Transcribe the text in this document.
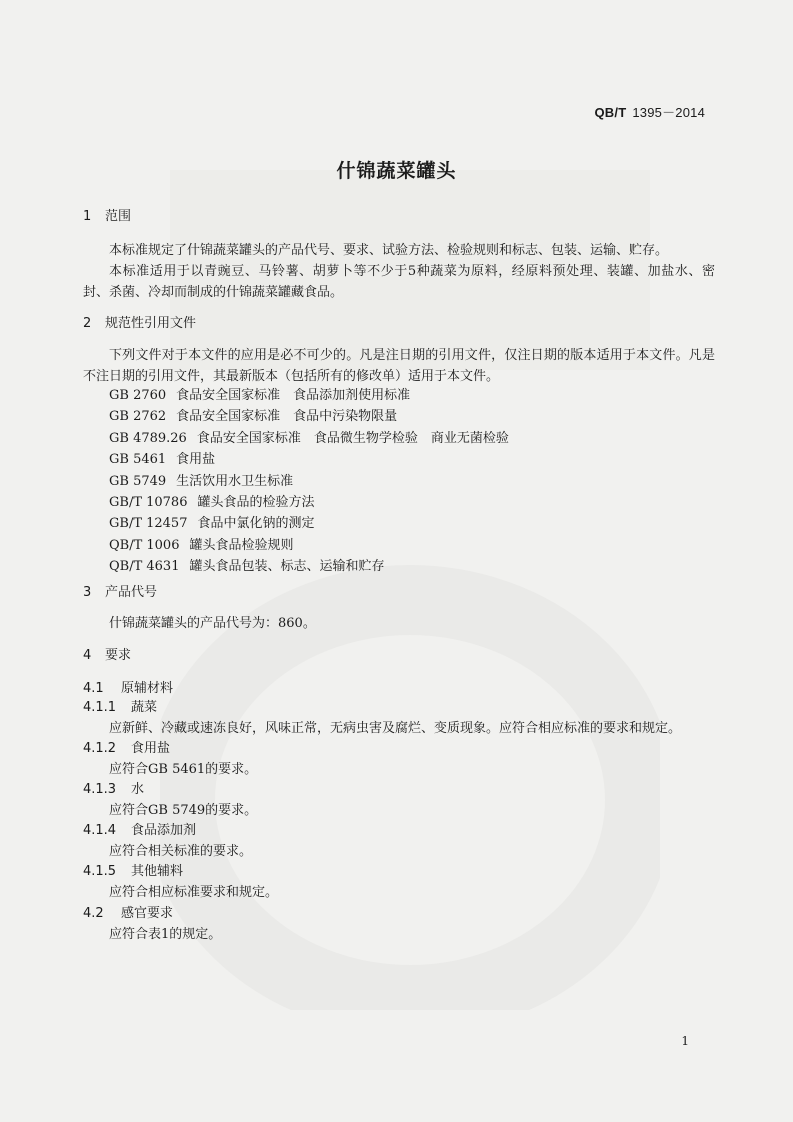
QB/T 1395－2014
什锦蔬菜罐头
1 范围
本标准规定了什锦蔬菜罐头的产品代号、要求、试验方法、检验规则和标志、包装、运输、贮存。
本标准适用于以青豌豆、马铃薯、胡萝卜等不少于5种蔬菜为原料，经原料预处理、装罐、加盐水、密封、杀菌、冷却而制成的什锦蔬菜罐藏食品。
2 规范性引用文件
下列文件对于本文件的应用是必不可少的。凡是注日期的引用文件，仅注日期的版本适用于本文件。凡是不注日期的引用文件，其最新版本（包括所有的修改单）适用于本文件。
GB 2760 食品安全国家标准　食品添加剂使用标准
GB 2762 食品安全国家标准　食品中污染物限量
GB 4789.26 食品安全国家标准　食品微生物学检验　商业无菌检验
GB 5461 食用盐
GB 5749 生活饮用水卫生标准
GB/T 10786 罐头食品的检验方法
GB/T 12457 食品中氯化钠的测定
QB/T 1006 罐头食品检验规则
QB/T 4631 罐头食品包装、标志、运输和贮存
3 产品代号
什锦蔬菜罐头的产品代号为：860。
4 要求
4.1 原辅材料
4.1.1 蔬菜
应新鲜、冷藏或速冻良好，风味正常，无病虫害及腐烂、变质现象。应符合相应标准的要求和规定。
4.1.2 食用盐
应符合GB 5461的要求。
4.1.3 水
应符合GB 5749的要求。
4.1.4 食品添加剂
应符合相关标准的要求。
4.1.5 其他辅料
应符合相应标准要求和规定。
4.2 感官要求
应符合表1的规定。
1
